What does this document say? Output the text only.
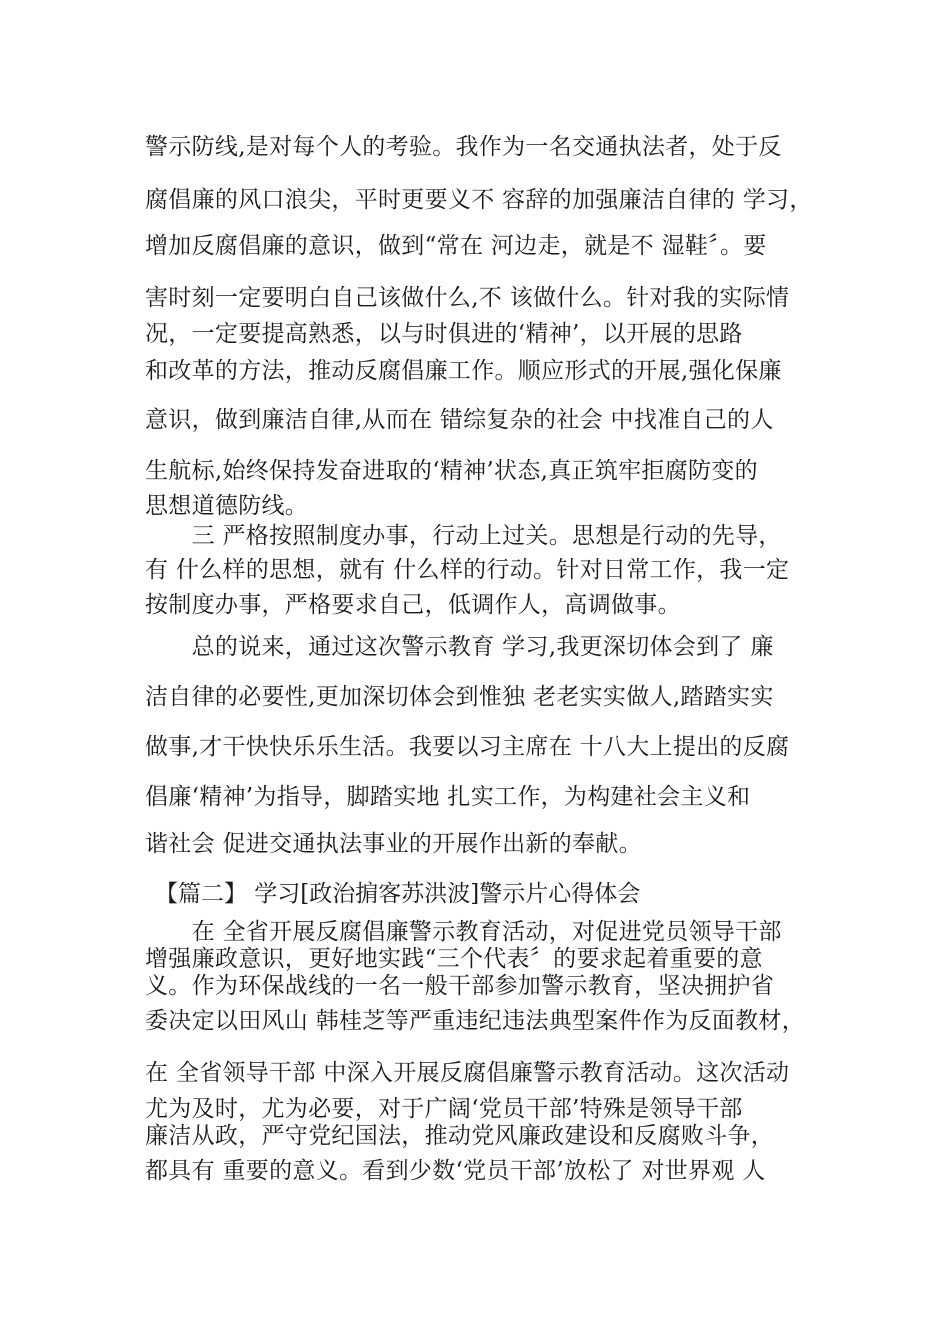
警示防线,是对每个人的考验。我作为一名交通执法者，处于反
腐倡廉的风口浪尖，平时更要义不 容辞的加强廉洁自律的 学习，
增加反腐倡廉的意识，做到“常在 河边走，就是不 湿鞋〞。要
害时刻一定要明白自己该做什么,不 该做什么。针对我的实际情
况，一定要提高熟悉，以与时俱进的‘精神’，以开展的思路
和改革的方法，推动反腐倡廉工作。顺应形式的开展,强化保廉
意识，做到廉洁自律,从而在 错综复杂的社会 中找准自己的人
生航标,始终保持发奋进取的‘精神’状态,真正筑牢拒腐防变的
思想道德防线。
　　三 严格按照制度办事，行动上过关。思想是行动的先导，
有 什么样的思想，就有 什么样的行动。针对日常工作，我一定
按制度办事，严格要求自己，低调作人，高调做事。
　　总的说来，通过这次警示教育 学习,我更深切体会到了 廉
洁自律的必要性,更加深切体会到惟独 老老实实做人,踏踏实实
做事,才干快快乐乐生活。我要以习主席在 十八大上提出的反腐
倡廉‘精神’为指导，脚踏实地 扎实工作，为构建社会主义和
谐社会 促进交通执法事业的开展作出新的奉献。
【篇二】 学习[政治掮客苏洪波]警示片心得体会
　　在 全省开展反腐倡廉警示教育活动，对促进党员领导干部
增强廉政意识，更好地实践“三个代表〞的要求起着重要的意
义。作为环保战线的一名一般干部参加警示教育，坚决拥护省
委决定以田风山 韩桂芝等严重违纪违法典型案件作为反面教材，
在 全省领导干部 中深入开展反腐倡廉警示教育活动。这次活动
尤为及时，尤为必要，对于广阔‘党员干部’特殊是领导干部
廉洁从政，严守党纪国法，推动党风廉政建设和反腐败斗争，
都具有 重要的意义。看到少数‘党员干部’放松了 对世界观 人
